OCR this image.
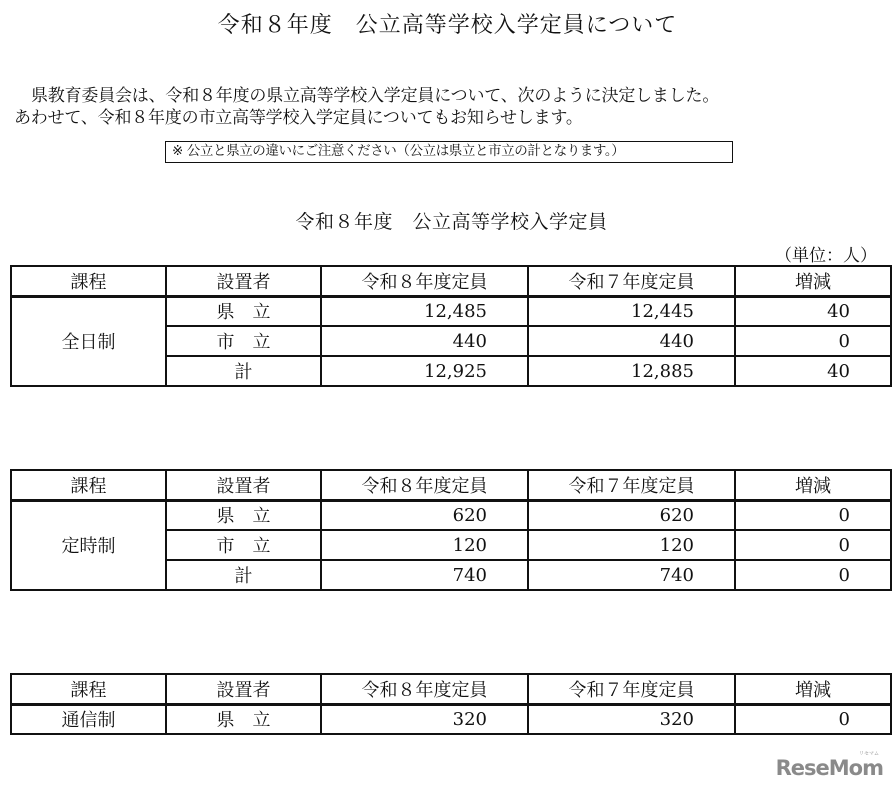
令和８年度　公立高等学校入学定員について
県教育委員会は、令和８年度の県立高等学校入学定員について、次のように決定しました。
あわせて、令和８年度の市立高等学校入学定員についてもお知らせします。
※ 公立と県立の違いにご注意ください（公立は県立と市立の計となります。）
令和８年度　公立高等学校入学定員
（単位：人）
課程	設置者	令和８年度定員	令和７年度定員	増減
全日制	県　立	12,485	12,445	40
	市　立	440	440	0
	計	12,925	12,885	40
課程	設置者	令和８年度定員	令和７年度定員	増減
定時制	県　立	620	620	0
	市　立	120	120	0
	計	740	740	0
課程	設置者	令和８年度定員	令和７年度定員	増減
通信制	県　立	320	320	0
ReseMom
リセマム
